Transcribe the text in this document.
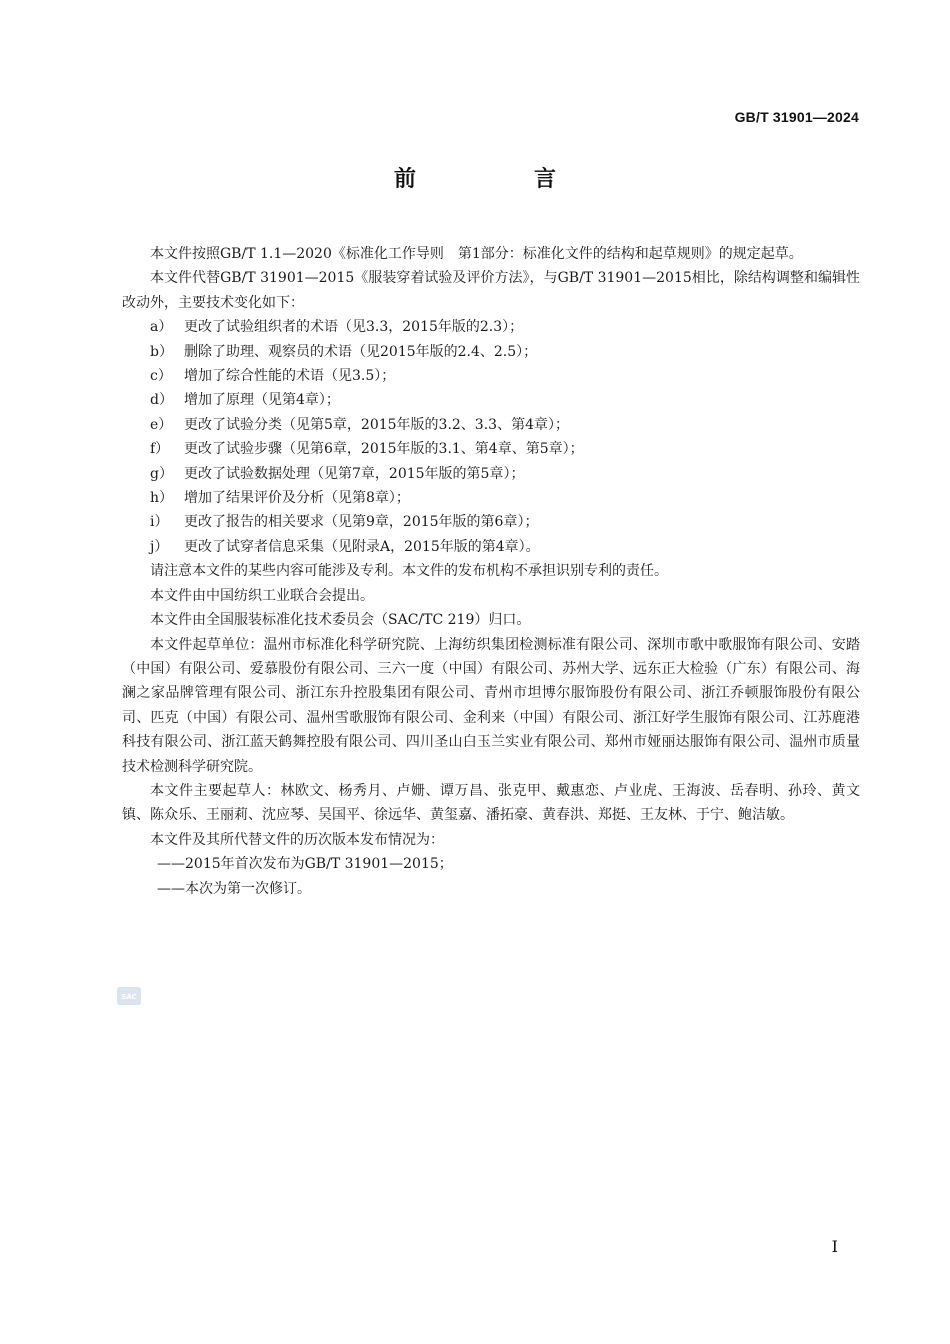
GB/T 31901—2024
前　言

本文件按照GB/T 1.1—2020《标准化工作导则　第1部分：标准化文件的结构和起草规则》的规定起草。

本文件代替GB/T 31901—2015《服装穿着试验及评价方法》，与GB/T 31901—2015相比，除结构调整和编辑性改动外，主要技术变化如下：

a） 更改了试验组织者的术语（见3.3，2015年版的2.3）；

b） 删除了助理、观察员的术语（见2015年版的2.4、2.5）；

c） 增加了综合性能的术语（见3.5）；

d） 增加了原理（见第4章）；

e） 更改了试验分类（见第5章，2015年版的3.2、3.3、第4章）；

f） 更改了试验步骤（见第6章，2015年版的3.1、第4章、第5章）；

g） 更改了试验数据处理（见第7章，2015年版的第5章）；

h） 增加了结果评价及分析（见第8章）；

i） 更改了报告的相关要求（见第9章，2015年版的第6章）；

j） 更改了试穿者信息采集（见附录A，2015年版的第4章）。

请注意本文件的某些内容可能涉及专利。本文件的发布机构不承担识别专利的责任。

本文件由中国纺织工业联合会提出。

本文件由全国服装标准化技术委员会（SAC/TC 219）归口。

本文件起草单位：温州市标准化科学研究院、上海纺织集团检测标准有限公司、深圳市歌中歌服饰有限公司、安踏（中国）有限公司、爱慕股份有限公司、三六一度（中国）有限公司、苏州大学、远东正大检验（广东）有限公司、海澜之家品牌管理有限公司、浙江东升控股集团有限公司、青州市坦博尔服饰股份有限公司、浙江乔顿服饰股份有限公司、匹克（中国）有限公司、温州雪歌服饰有限公司、金利来（中国）有限公司、浙江好学生服饰有限公司、江苏鹿港科技有限公司、浙江蓝天鹤舞控股有限公司、四川圣山白玉兰实业有限公司、郑州市娅丽达服饰有限公司、温州市质量技术检测科学研究院。

本文件主要起草人：林欧文、杨秀月、卢姗、谭万昌、张克甲、戴惠恋、卢业虎、王海波、岳春明、孙玲、黄文镇、陈众乐、王丽莉、沈应琴、吴国平、徐远华、黄玺嘉、潘拓豪、黄春洪、郑挺、王友林、于宁、鲍洁敏。

本文件及其所代替文件的历次版本发布情况为：

——2015年首次发布为GB/T 31901—2015；

——本次为第一次修订。

SAC
I
